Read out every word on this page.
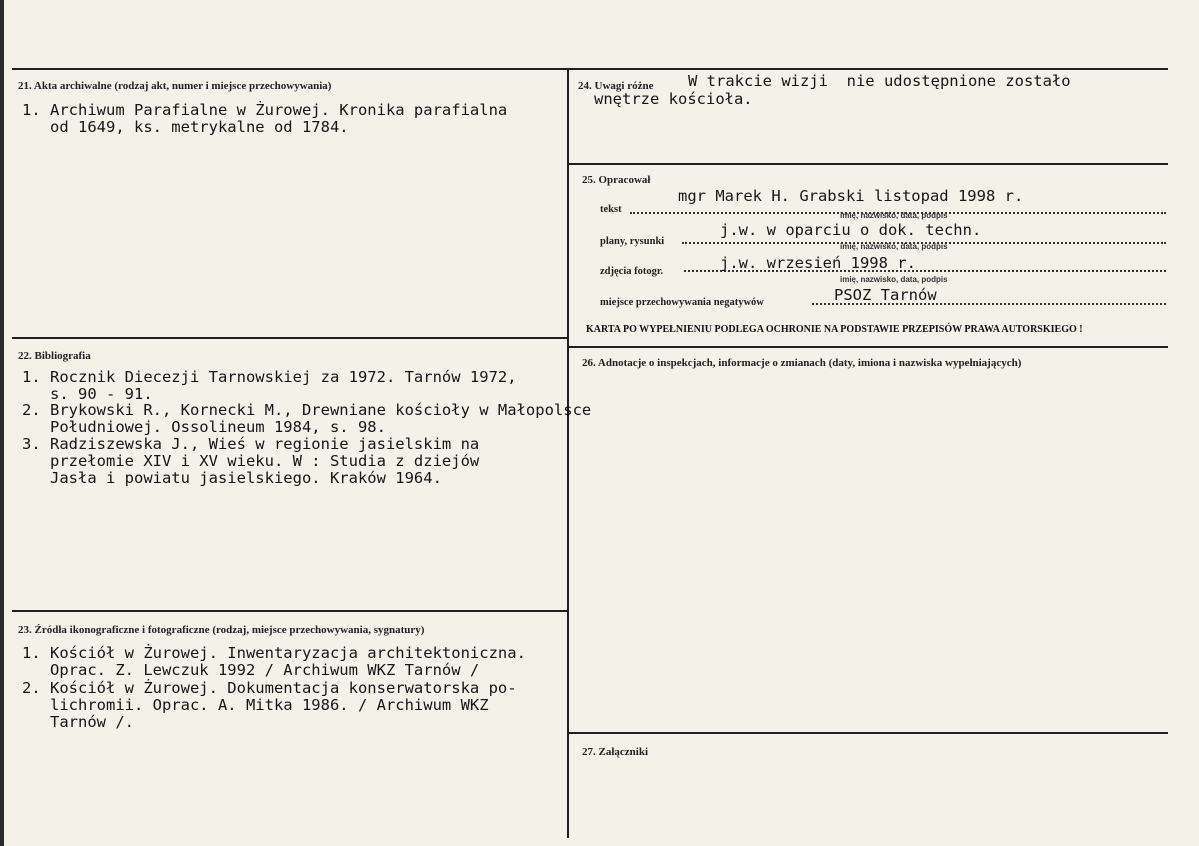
21. Akta archiwalne (rodzaj akt, numer i miejsce przechowywania)
1. Archiwum Parafialne w Żurowej. Kronika parafialna
od 1649, ks. metrykalne od 1784.
22. Bibliografia
1. Rocznik Diecezji Tarnowskiej za 1972. Tarnów 1972,
s. 90 - 91.
2. Brykowski R., Kornecki M., Drewniane kościoły w Małopolsce
Południowej. Ossolineum 1984, s. 98.
3. Radziszewska J., Wieś w regionie jasielskim na
przełomie XIV i XV wieku. W : Studia z dziejów
Jasła i powiatu jasielskiego. Kraków 1964.
23. Źródła ikonograficzne i fotograficzne (rodzaj, miejsce przechowywania, sygnatury)
1. Kościół w Żurowej. Inwentaryzacja architektoniczna.
Oprac. Z. Lewczuk 1992 / Archiwum WKZ Tarnów /
2. Kościół w Żurowej. Dokumentacja konserwatorska po-
lichromii. Oprac. A. Mitka 1986. / Archiwum WKZ
Tarnów /.
24. Uwagi różne W trakcie wizji  nie udostępnione zostało
wnętrze kościoła.
25. Opracował
tekst
mgr Marek H. Grabski listopad 1998 r.
imię, nazwisko, data, podpis
plany, rysunki
j.w. w oparciu o dok. techn.
imię, nazwisko, data, podpis
zdjęcia fotogr.	j.w. wrzesień 1998 r.
imię, nazwisko, data, podpis
miejsce przechowywania negatywów	PSOZ Tarnów
KARTA PO WYPEŁNIENIU PODLEGA OCHRONIE NA PODSTAWIE PRZEPISÓW PRAWA AUTORSKIEGO !
26. Adnotacje o inspekcjach, informacje o zmianach (daty, imiona i nazwiska wypełniających)
27. Załączniki
